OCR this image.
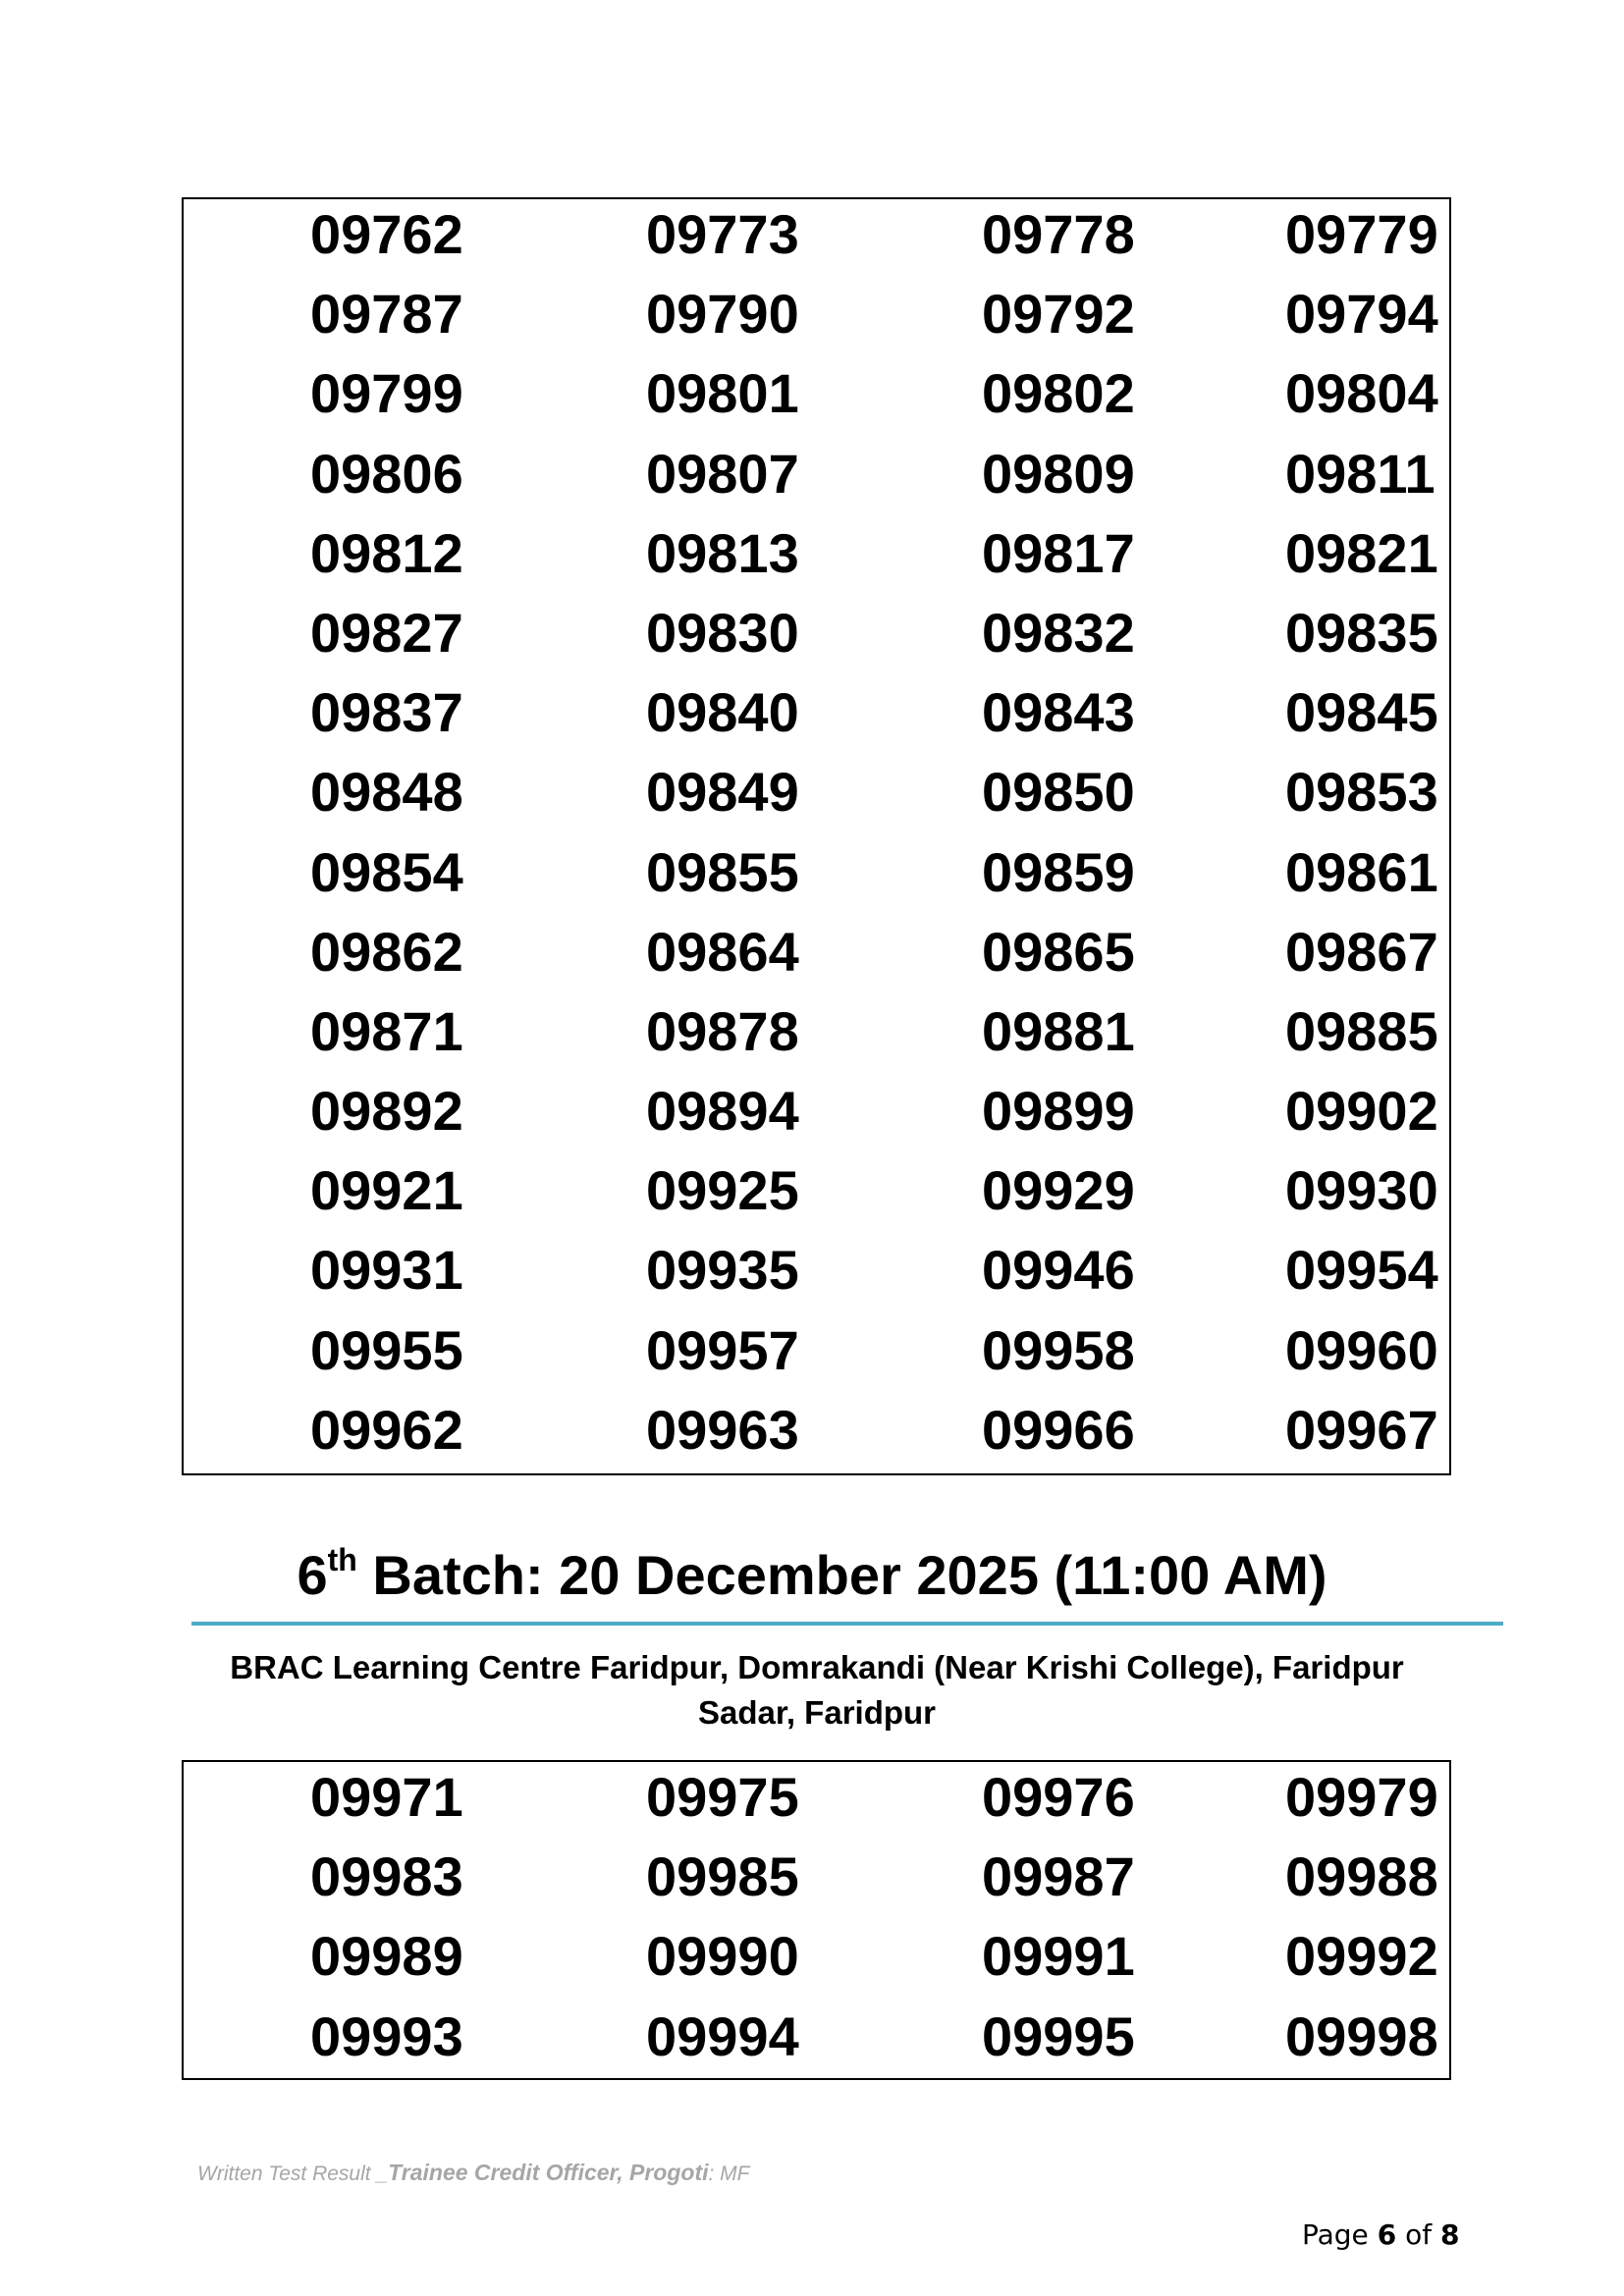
09762	09773	09778	09779
09787	09790	09792	09794
09799	09801	09802	09804
09806	09807	09809	09811
09812	09813	09817	09821
09827	09830	09832	09835
09837	09840	09843	09845
09848	09849	09850	09853
09854	09855	09859	09861
09862	09864	09865	09867
09871	09878	09881	09885
09892	09894	09899	09902
09921	09925	09929	09930
09931	09935	09946	09954
09955	09957	09958	09960
09962	09963	09966	09967
6th Batch: 20 December 2025 (11:00 AM)
BRAC Learning Centre Faridpur, Domrakandi (Near Krishi College), Faridpur
Sadar, Faridpur
09971	09975	09976	09979
09983	09985	09987	09988
09989	09990	09991	09992
09993	09994	09995	09998
Written Test Result _Trainee Credit Officer, Progoti: MF
Page 6 of 8
